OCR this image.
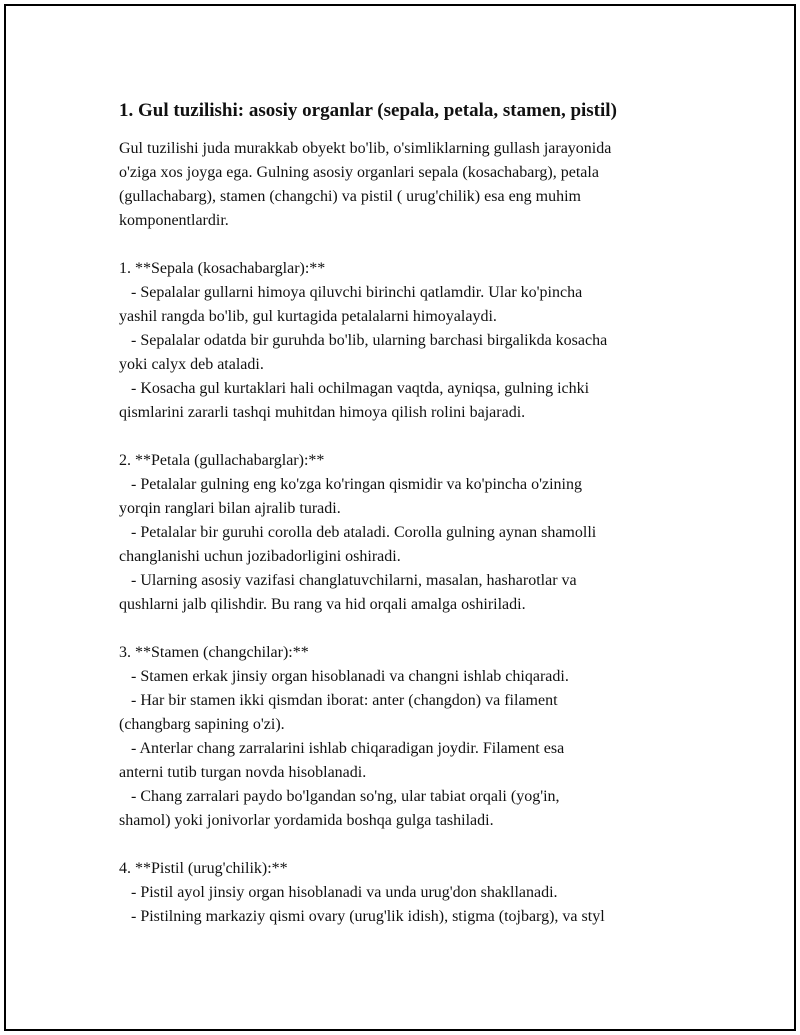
1. Gul tuzilishi: asosiy organlar (sepala, petala, stamen, pistil)
Gul tuzilishi juda murakkab obyekt bo'lib, o'simliklarning gullash jarayonida
o'ziga xos joyga ega. Gulning asosiy organlari sepala (kosachabarg), petala
(gullachabarg), stamen (changchi) va pistil ( urug'chilik) esa eng muhim
komponentlardir.
1. **Sepala (kosachabarglar):**
- Sepalalar gullarni himoya qiluvchi birinchi qatlamdir. Ular ko'pincha
yashil rangda bo'lib, gul kurtagida petalalarni himoyalaydi.
- Sepalalar odatda bir guruhda bo'lib, ularning barchasi birgalikda kosacha
yoki calyx deb ataladi.
- Kosacha gul kurtaklari hali ochilmagan vaqtda, ayniqsa, gulning ichki
qismlarini zararli tashqi muhitdan himoya qilish rolini bajaradi.
2. **Petala (gullachabarglar):**
- Petalalar gulning eng ko'zga ko'ringan qismidir va ko'pincha o'zining
yorqin ranglari bilan ajralib turadi.
- Petalalar bir guruhi corolla deb ataladi. Corolla gulning aynan shamolli
changlanishi uchun jozibadorligini oshiradi.
- Ularning asosiy vazifasi changlatuvchilarni, masalan, hasharotlar va
qushlarni jalb qilishdir. Bu rang va hid orqali amalga oshiriladi.
3. **Stamen (changchilar):**
- Stamen erkak jinsiy organ hisoblanadi va changni ishlab chiqaradi.
- Har bir stamen ikki qismdan iborat: anter (changdon) va filament
(changbarg sapining o'zi).
- Anterlar chang zarralarini ishlab chiqaradigan joydir. Filament esa
anterni tutib turgan novda hisoblanadi.
- Chang zarralari paydo bo'lgandan so'ng, ular tabiat orqali (yog'in,
shamol) yoki jonivorlar yordamida boshqa gulga tashiladi.
4. **Pistil (urug'chilik):**
- Pistil ayol jinsiy organ hisoblanadi va unda urug'don shakllanadi.
- Pistilning markaziy qismi ovary (urug'lik idish), stigma (tojbarg), va styl
